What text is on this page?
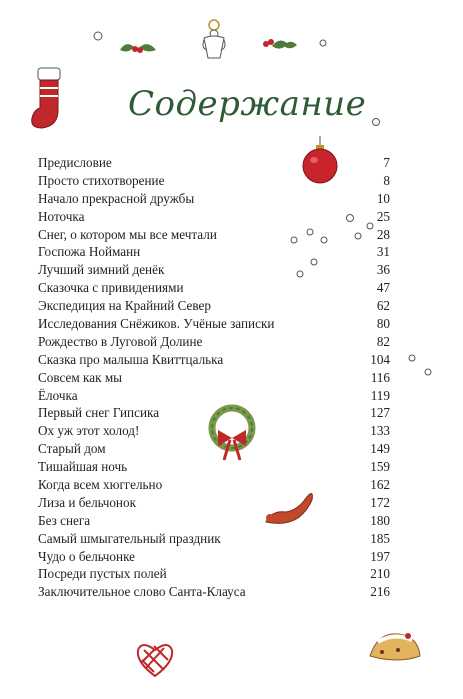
Содержание
Предисловие	7
Просто стихотворение	8
Начало прекрасной дружбы	10
Ноточка	25
Снег, о котором мы все мечтали	28
Госпожа Нойманн	31
Лучший зимний денёк	36
Сказочка с привидениями	47
Экспедиция на Крайний Север	62
Исследования Снёжиков. Учёные записки	80
Рождество в Луговой Долине	82
Сказка про малыша Квиттцалька	104
Совсем как мы	116
Ёлочка	119
Первый снег Гипсика	127
Ох уж этот холод!	133
Старый дом	149
Тишайшая ночь	159
Когда всем хюггельно	162
Лиза и бельчонок	172
Без снега	180
Самый шмыгательный праздник	185
Чудо о бельчонке	197
Посреди пустых полей	210
Заключительное слово Санта-Клауса	216
